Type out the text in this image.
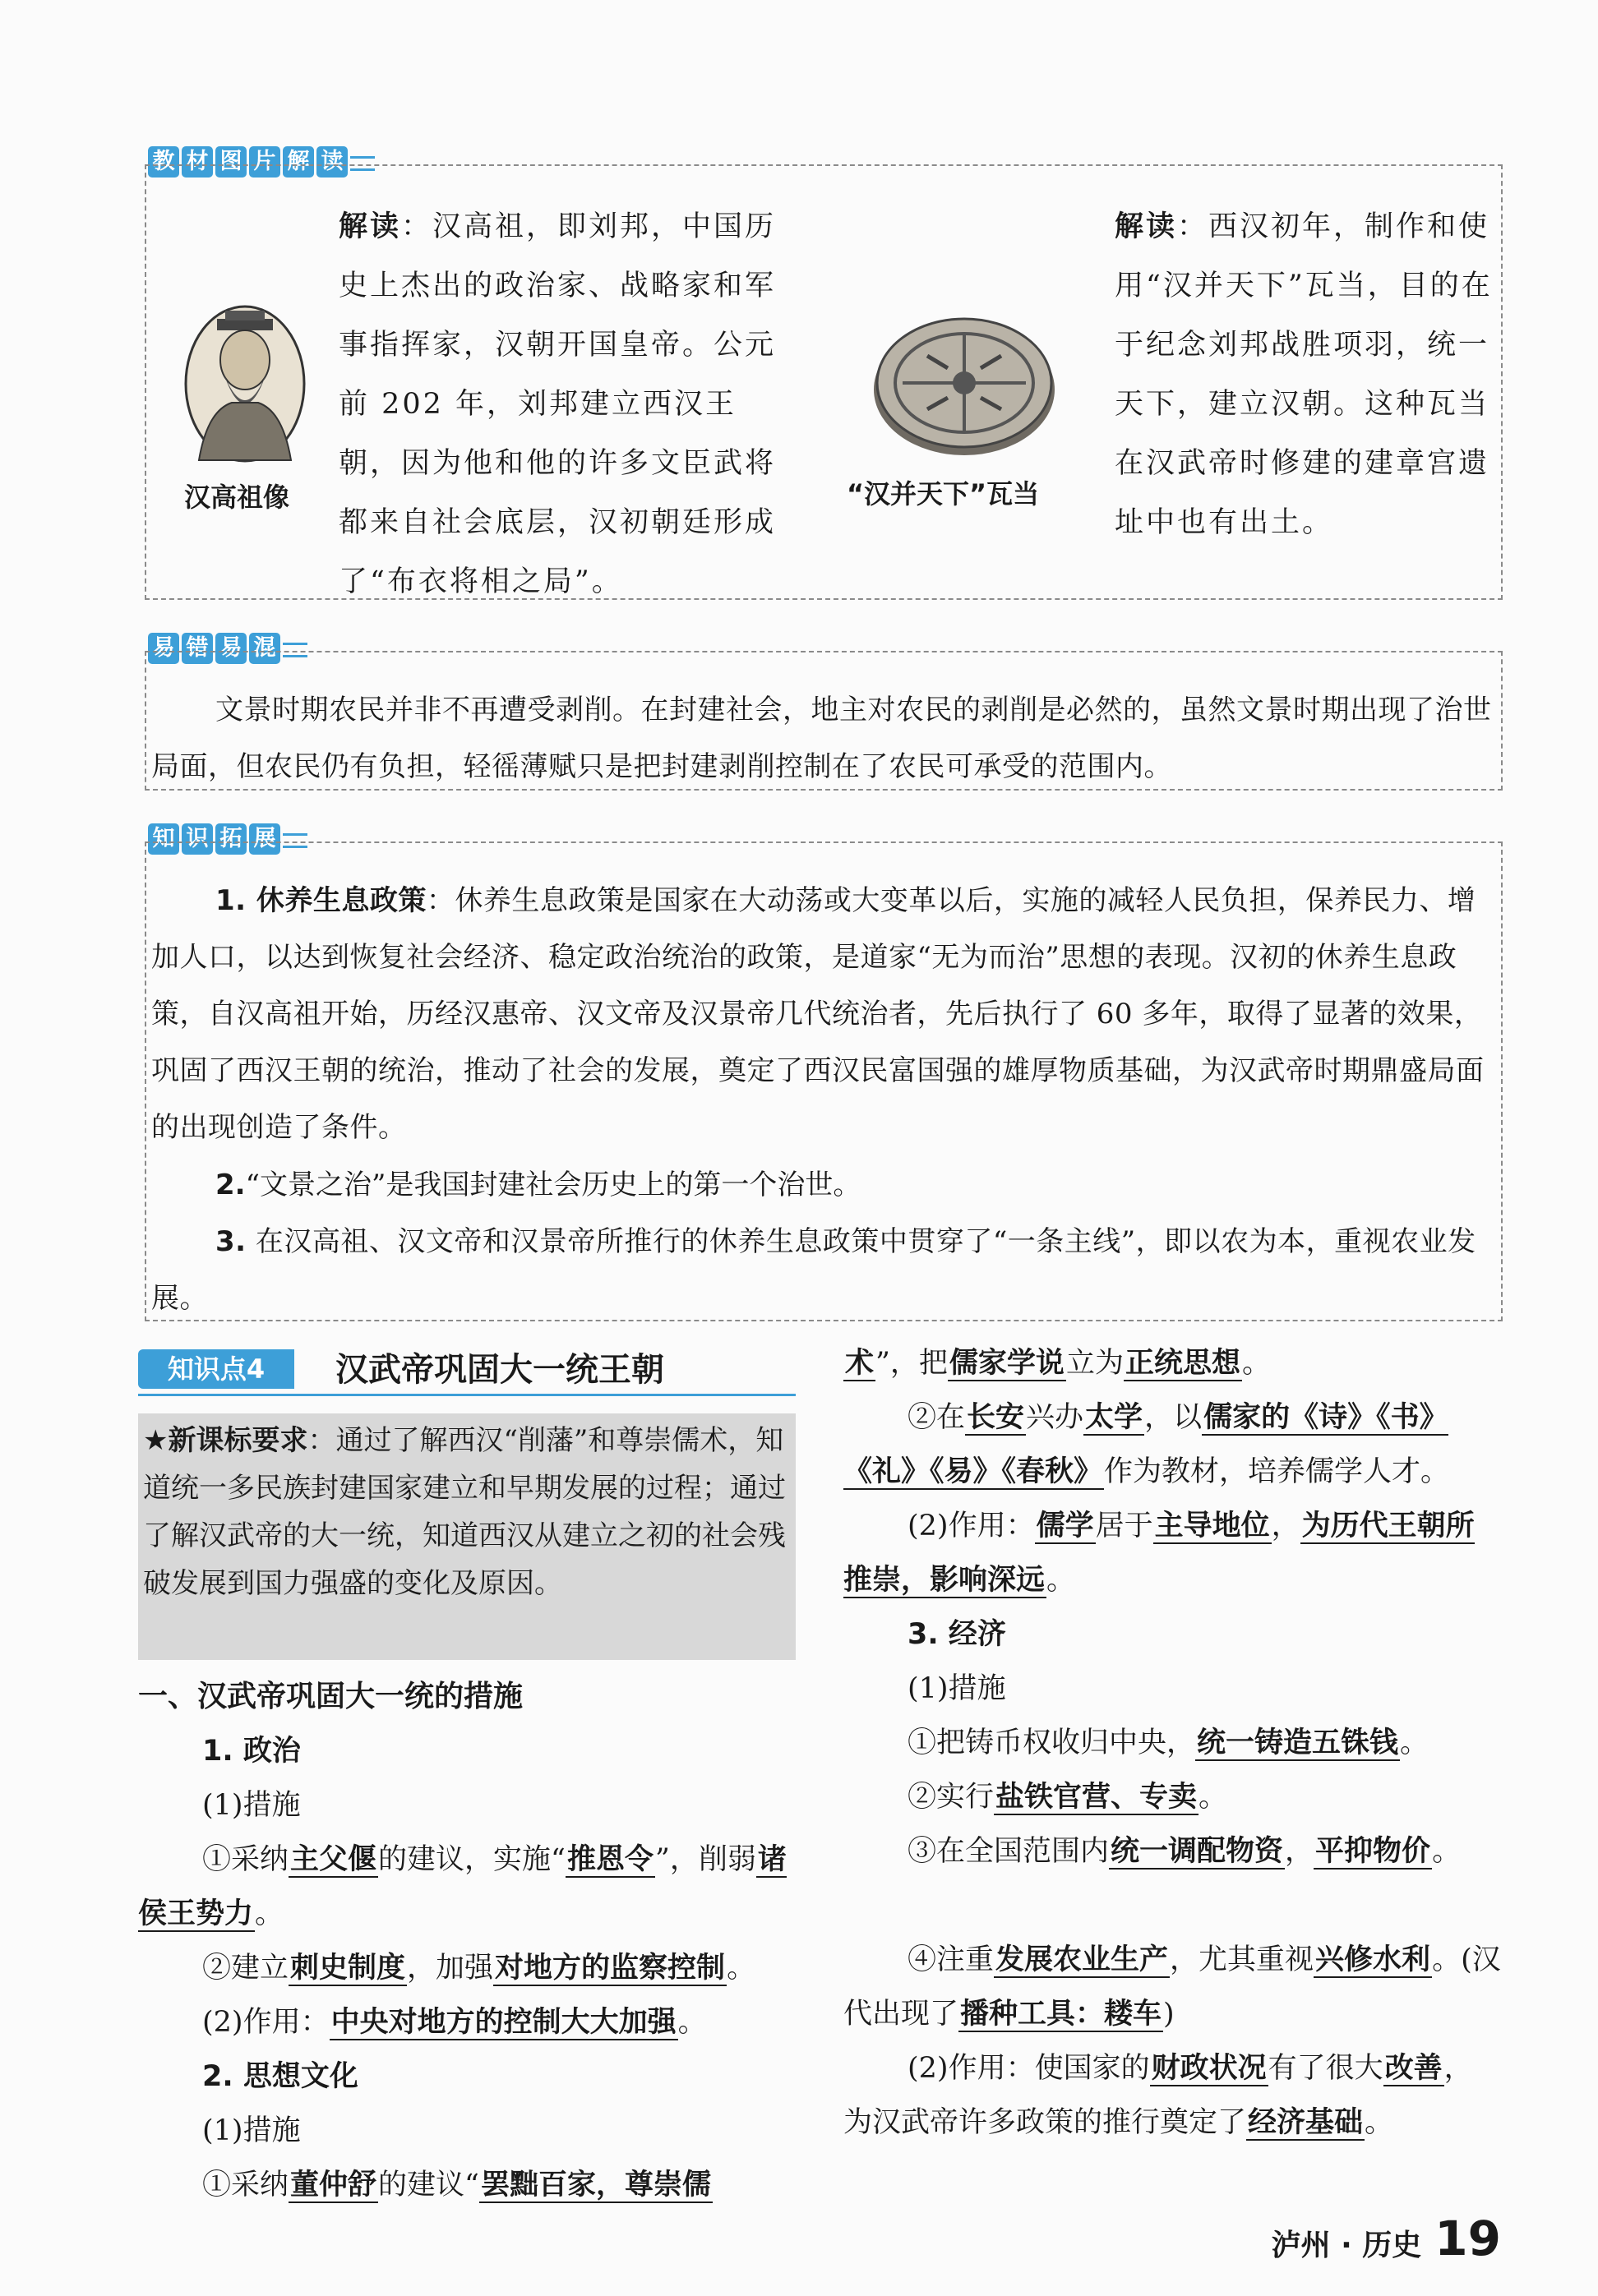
教 材 图 片 解 读
汉高祖像
解读：汉高祖，即刘邦，中国历史上杰出的政治家、战略家和军事指挥家，汉朝开国皇帝。公元前 202 年，刘邦建立西汉王朝，因为他和他的许多文臣武将都来自社会底层，汉初朝廷形成了“布衣将相之局”。
“汉并天下”瓦当
解读：西汉初年，制作和使用“汉并天下”瓦当，目的在于纪念刘邦战胜项羽，统一天下，建立汉朝。这种瓦当在汉武帝时修建的建章宫遗址中也有出土。
易 错 易 混
文景时期农民并非不再遭受剥削。在封建社会，地主对农民的剥削是必然的，虽然文景时期出现了治世局面，但农民仍有负担，轻徭薄赋只是把封建剥削控制在了农民可承受的范围内。
知 识 拓 展
1. 休养生息政策：休养生息政策是国家在大动荡或大变革以后，实施的减轻人民负担，保养民力、增加人口，以达到恢复社会经济、稳定政治统治的政策，是道家“无为而治”思想的表现。汉初的休养生息政策，自汉高祖开始，历经汉惠帝、汉文帝及汉景帝几代统治者，先后执行了 60 多年，取得了显著的效果，巩固了西汉王朝的统治，推动了社会的发展，奠定了西汉民富国强的雄厚物质基础，为汉武帝时期鼎盛局面的出现创造了条件。
2.“文景之治”是我国封建社会历史上的第一个治世。
3. 在汉高祖、汉文帝和汉景帝所推行的休养生息政策中贯穿了“一条主线”，即以农为本，重视农业发展。
知识点4	汉武帝巩固大一统王朝
★新课标要求：通过了解西汉“削藩”和尊崇儒术，知道统一多民族封建国家建立和早期发展的过程；通过了解汉武帝的大一统，知道西汉从建立之初的社会残破发展到国力强盛的变化及原因。
一、汉武帝巩固大一统的措施
1. 政治
(1)措施
①采纳主父偃的建议，实施“推恩令”，削弱诸侯王势力。
②建立刺史制度，加强对地方的监察控制。
(2)作用：中央对地方的控制大大加强。
2. 思想文化
(1)措施
①采纳董仲舒的建议“罢黜百家，尊崇儒
术”，把儒家学说立为正统思想。
②在长安兴办太学，以儒家的《诗》《书》《礼》《易》《春秋》作为教材，培养儒学人才。
(2)作用：儒学居于主导地位，为历代王朝所推崇，影响深远。
3. 经济
(1)措施
①把铸币权收归中央，统一铸造五铢钱。
②实行盐铁官营、专卖。
③在全国范围内统一调配物资，平抑物价。
④注重发展农业生产，尤其重视兴修水利。(汉代出现了播种工具：耧车)
(2)作用：使国家的财政状况有了很大改善，为汉武帝许多政策的推行奠定了经济基础。
泸州 · 历史 19
